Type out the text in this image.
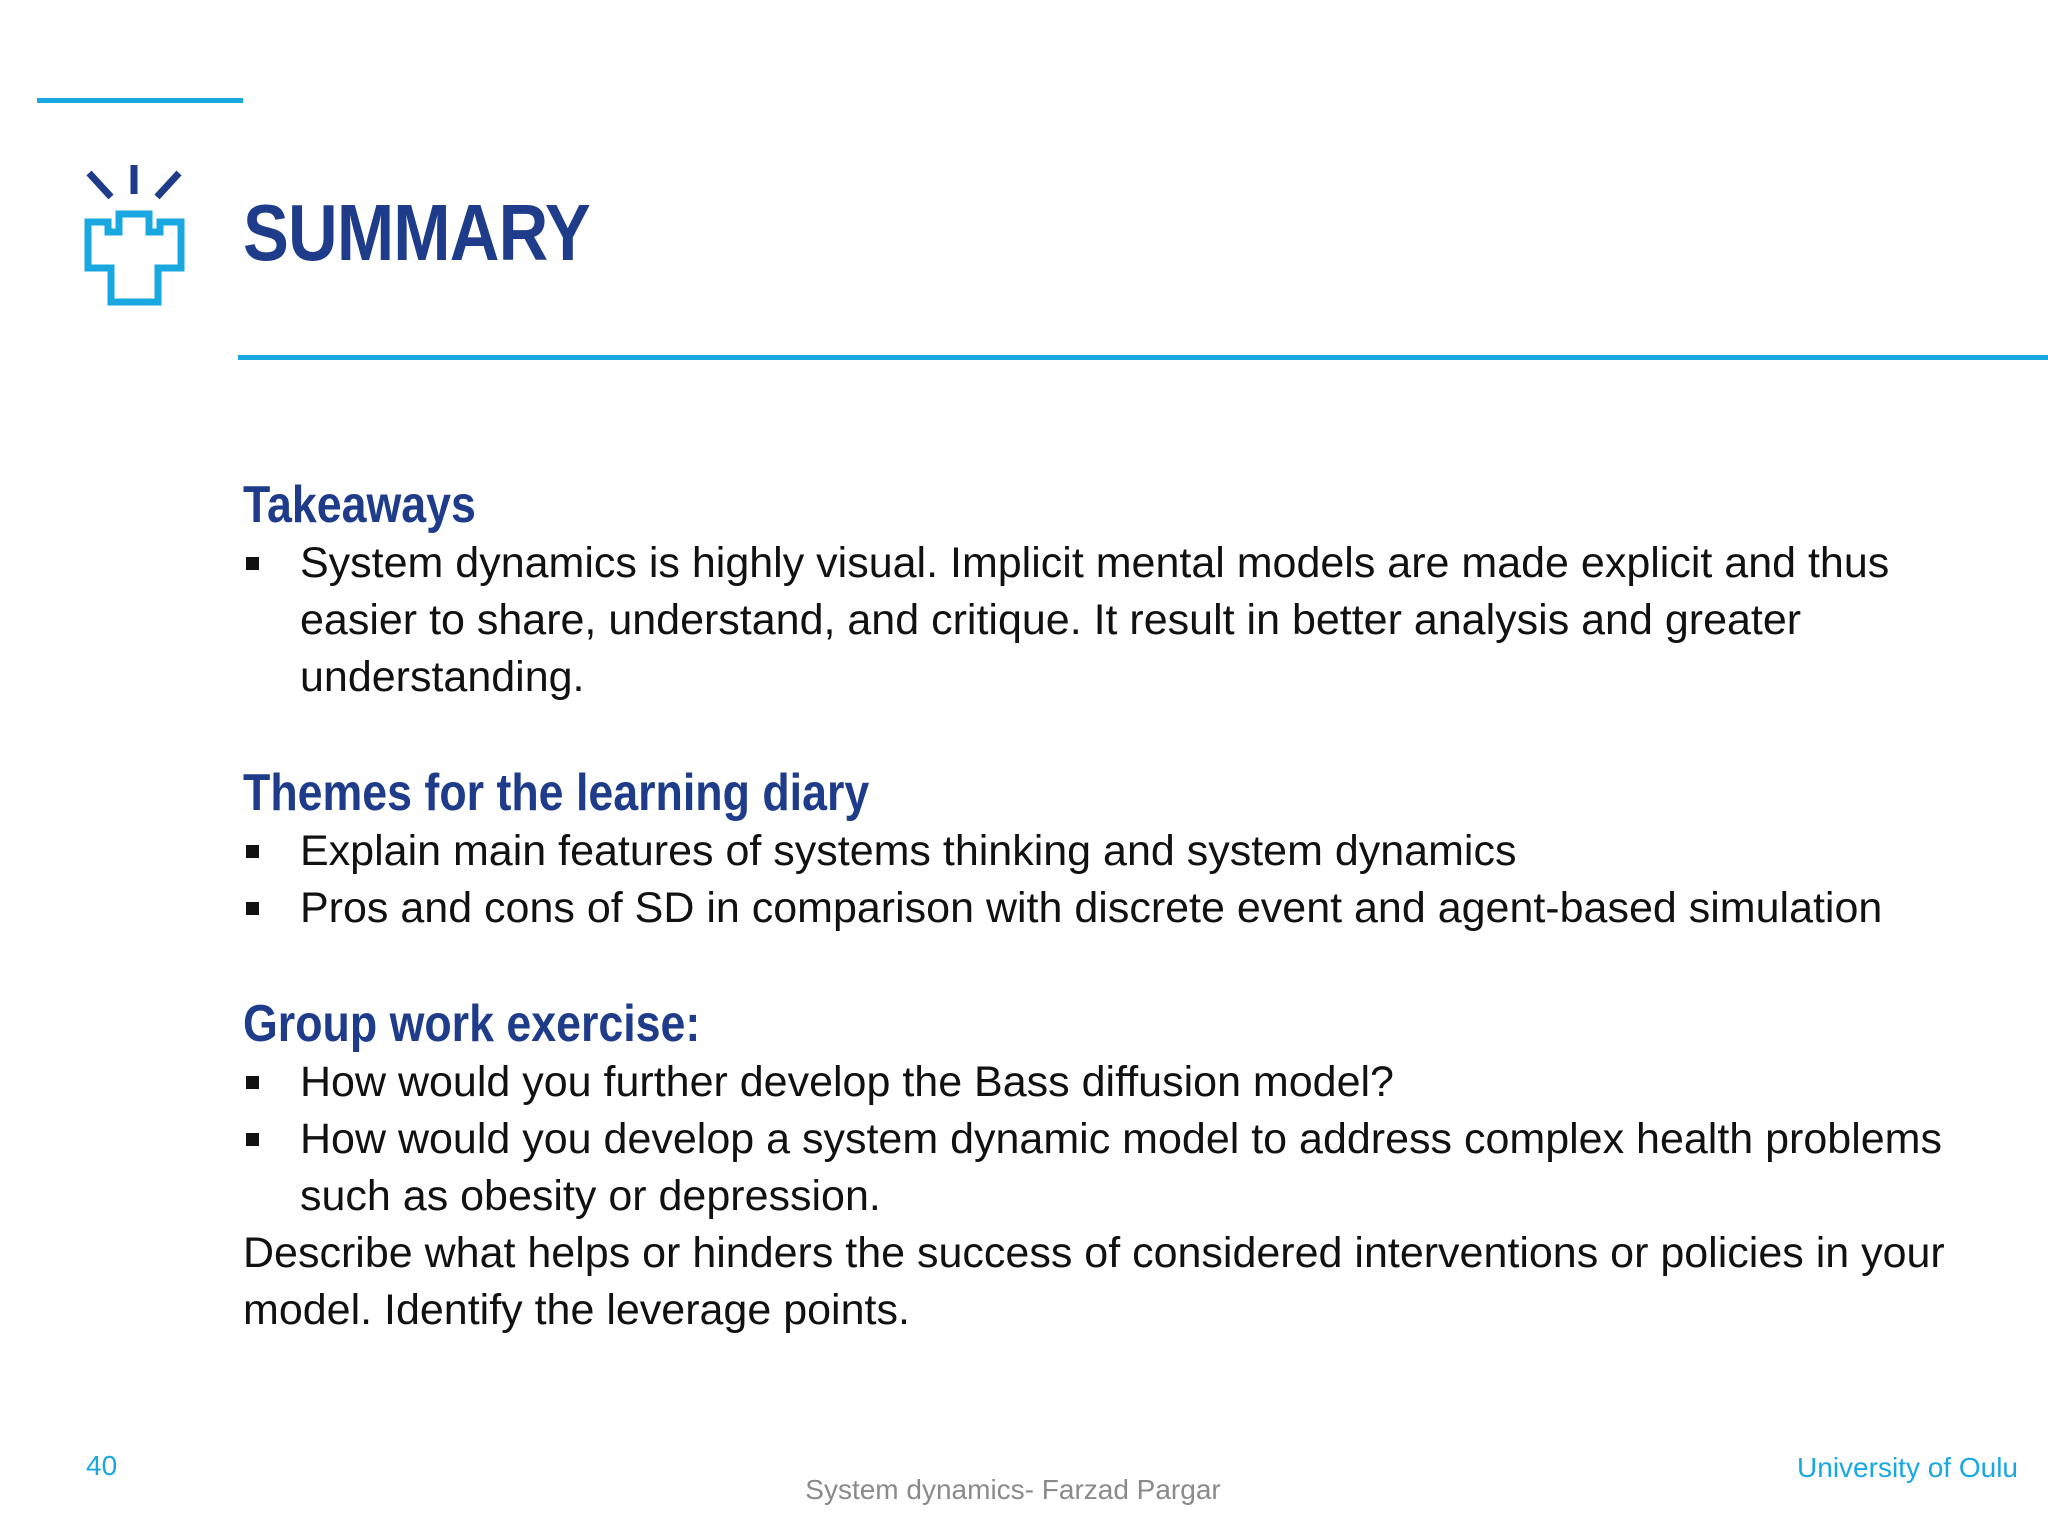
SUMMARY
Takeaways
System dynamics is highly visual. Implicit mental models are made explicit and thus easier to share, understand, and critique. It result in better analysis and greater understanding.
Themes for the learning diary
Explain main features of systems thinking and system dynamics
Pros and cons of SD in comparison with discrete event and agent-based simulation
Group work exercise:
How would you further develop the Bass diffusion model?
How would you develop a system dynamic model to address complex health problems such as obesity or depression.

Describe what helps or hinders the success of considered interventions or policies in your model. Identify the leverage points.

40
System dynamics- Farzad Pargar
University of Oulu
